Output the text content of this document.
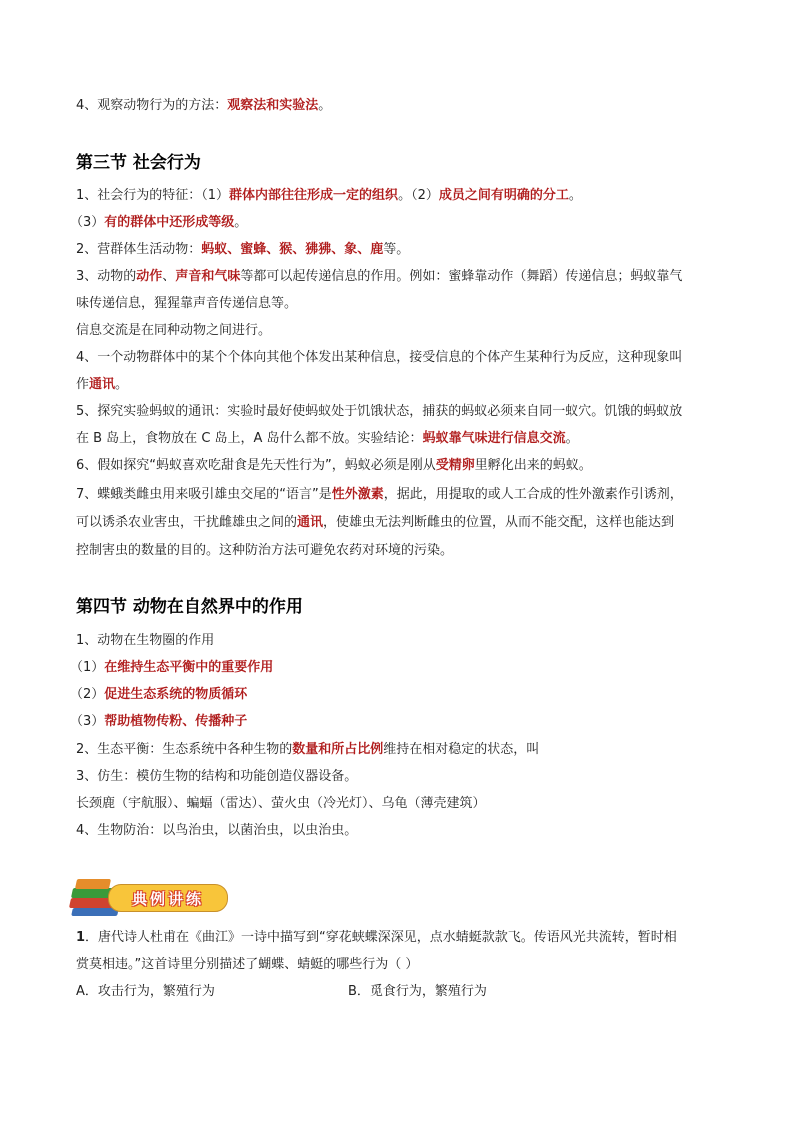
4、观察动物行为的方法：观察法和实验法。
第三节 社会行为
1、社会行为的特征：（1）群体内部往往形成一定的组织。（2）成员之间有明确的分工。
（3）有的群体中还形成等级。
2、营群体生活动物：蚂蚁、蜜蜂、猴、狒狒、象、鹿等。
3、动物的动作、声音和气味等都可以起传递信息的作用。例如：蜜蜂靠动作（舞蹈）传递信息；蚂蚁靠气
味传递信息，猩猩靠声音传递信息等。
信息交流是在同种动物之间进行。
4、一个动物群体中的某个个体向其他个体发出某种信息，接受信息的个体产生某种行为反应，这种现象叫
作通讯。
5、探究实验蚂蚁的通讯：实验时最好使蚂蚁处于饥饿状态，捕获的蚂蚁必须来自同一蚁穴。饥饿的蚂蚁放
在 B 岛上，食物放在 C 岛上，A 岛什么都不放。实验结论：蚂蚁靠气味进行信息交流。
6、假如探究“蚂蚁喜欢吃甜食是先天性行为”，蚂蚁必须是刚从受精卵里孵化出来的蚂蚁。
7、蝶蛾类雌虫用来吸引雄虫交尾的“语言”是性外激素，据此，用提取的或人工合成的性外激素作引诱剂，
可以诱杀农业害虫，干扰雌雄虫之间的通讯，使雄虫无法判断雌虫的位置，从而不能交配，这样也能达到
控制害虫的数量的目的。这种防治方法可避免农药对环境的污染。
第四节 动物在自然界中的作用
1、动物在生物圈的作用
（1）在维持生态平衡中的重要作用
（2）促进生态系统的物质循环
（3）帮助植物传粉、传播种子
2、生态平衡：生态系统中各种生物的数量和所占比例维持在相对稳定的状态，叫
3、仿生：模仿生物的结构和功能创造仪器设备。
长颈鹿（宇航服）、蝙蝠（雷达）、萤火虫（冷光灯）、乌龟（薄壳建筑）
4、生物防治：以鸟治虫，以菌治虫，以虫治虫。
典例讲练
1．唐代诗人杜甫在《曲江》一诗中描写到“穿花蛱蝶深深见，点水蜻蜓款款飞。传语风光共流转，暂时相
赏莫相违。”这首诗里分别描述了蝴蝶、蜻蜓的哪些行为（ ）
A．攻击行为，繁殖行为	B．觅食行为，繁殖行为
